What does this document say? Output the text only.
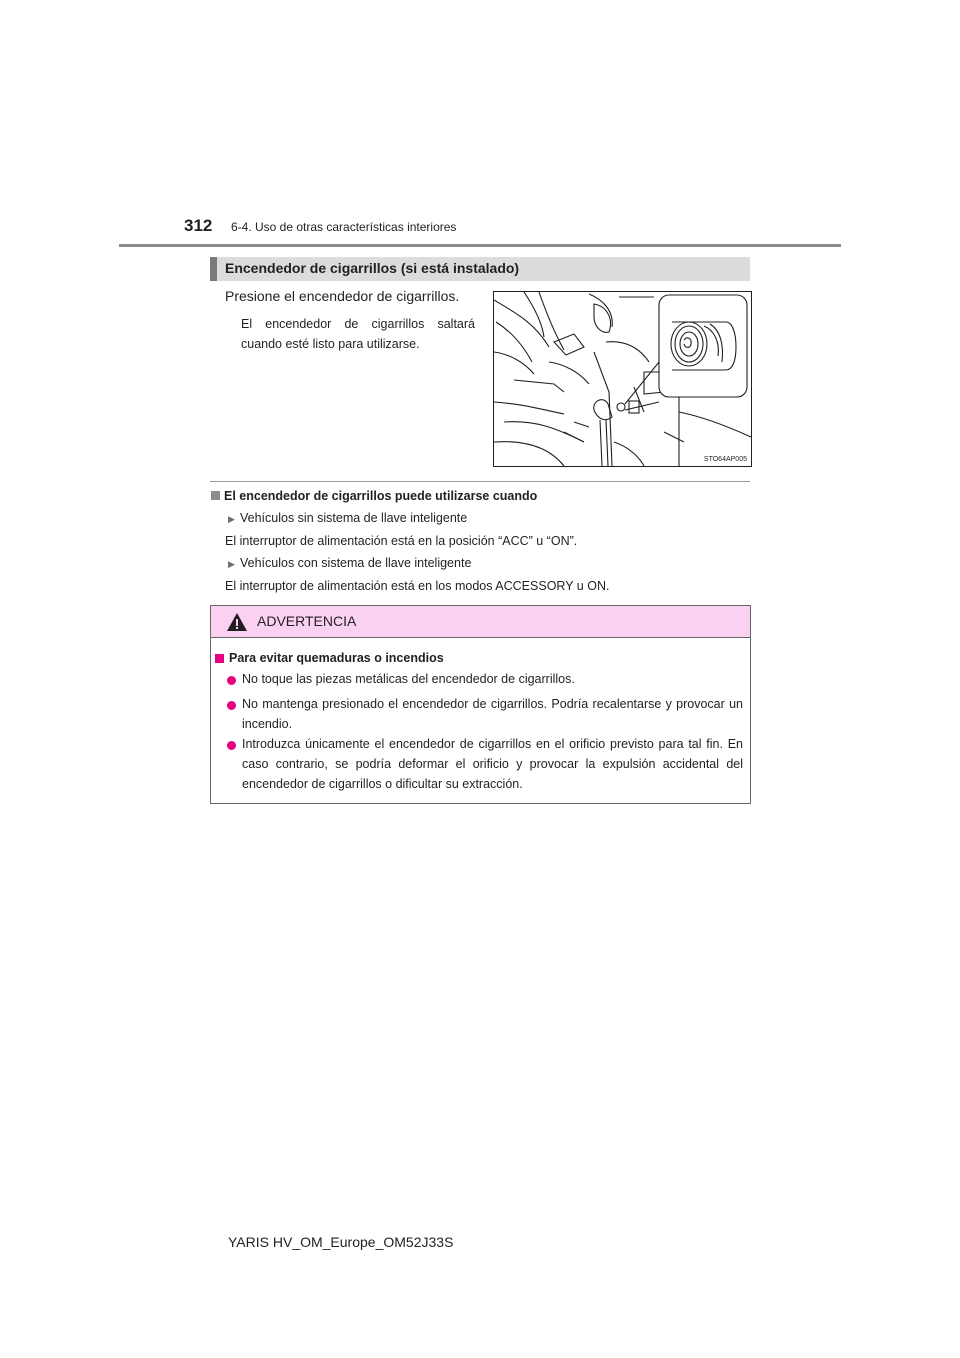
312 6-4. Uso de otras características interiores
Encendedor de cigarrillos (si está instalado)
Presione el encendedor de cigarrillos.
El encendedor de cigarrillos saltará cuando esté listo para utilizarse.
STO64AP005
El encendedor de cigarrillos puede utilizarse cuando
▶ Vehículos sin sistema de llave inteligente
El interruptor de alimentación está en la posición “ACC” u “ON”.
▶ Vehículos con sistema de llave inteligente
El interruptor de alimentación está en los modos ACCESSORY u ON.
ADVERTENCIA
Para evitar quemaduras o incendios
No toque las piezas metálicas del encendedor de cigarrillos.
No mantenga presionado el encendedor de cigarrillos. Podría recalentarse y provocar un incendio.
Introduzca únicamente el encendedor de cigarrillos en el orificio previsto para tal fin. En caso contrario, se podría deformar el orificio y provocar la expulsión accidental del encendedor de cigarrillos o dificultar su extracción.
YARIS HV_OM_Europe_OM52J33S
